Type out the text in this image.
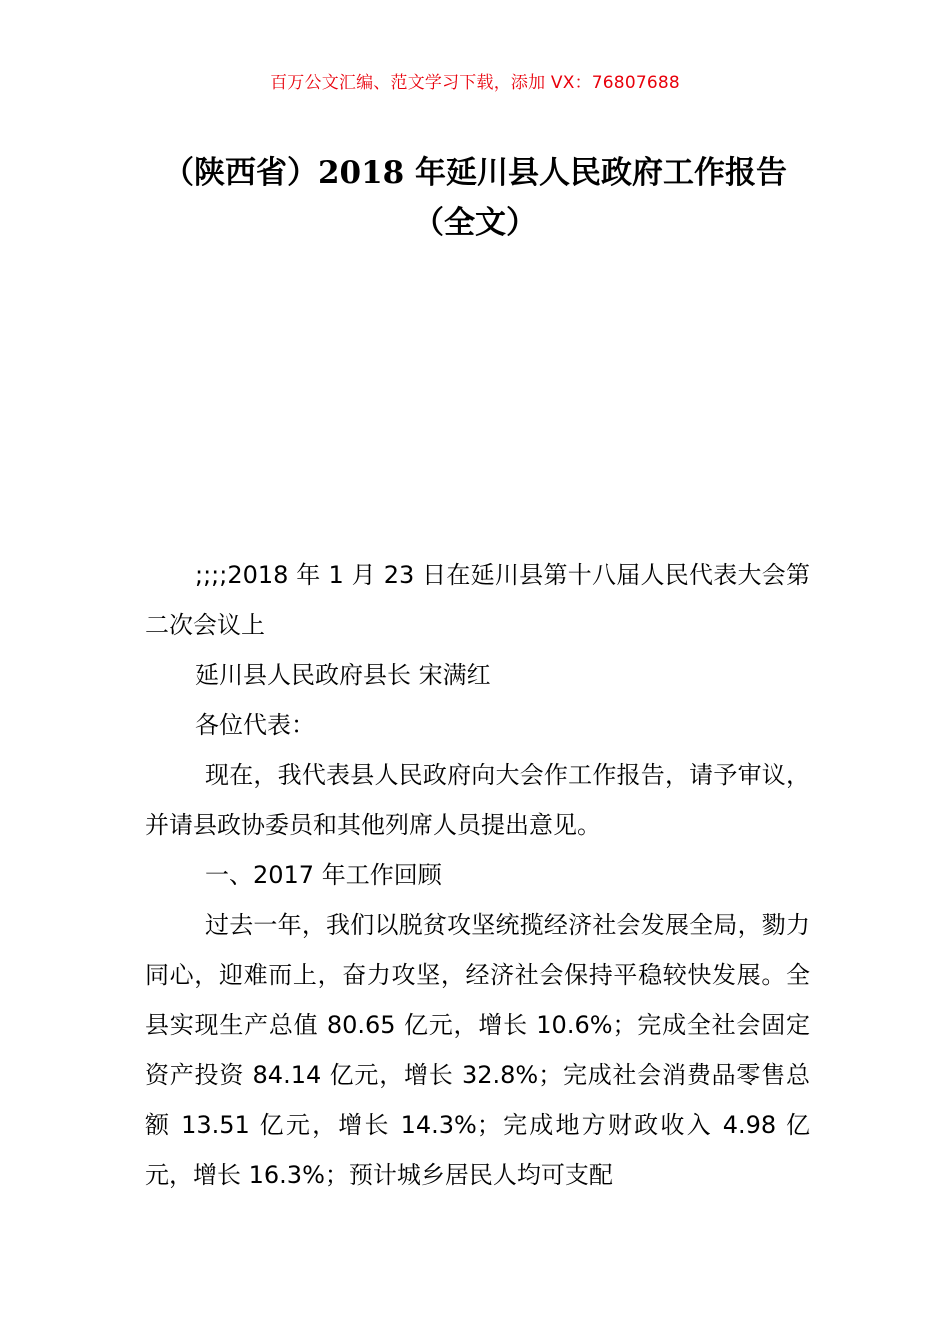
百万公文汇编、范文学习下载，添加 VX：76807688
（陕西省）2018 年延川县人民政府工作报告（全文）

;;;;2018 年 1 月 23 日在延川县第十八届人民代表大会第二次会议上

延川县人民政府县长 宋满红

各位代表：

现在，我代表县人民政府向大会作工作报告，请予审议，并请县政协委员和其他列席人员提出意见。

一、2017 年工作回顾

过去一年，我们以脱贫攻坚统揽经济社会发展全局，勠力同心，迎难而上，奋力攻坚，经济社会保持平稳较快发展。全县实现生产总值 80.65 亿元，增长 10.6%；完成全社会固定资产投资 84.14 亿元，增长 32.8%；完成社会消费品零售总额 13.51 亿元，增长 14.3%；完成地方财政收入 4.98 亿元，增长 16.3%；预计城乡居民人均可支配
